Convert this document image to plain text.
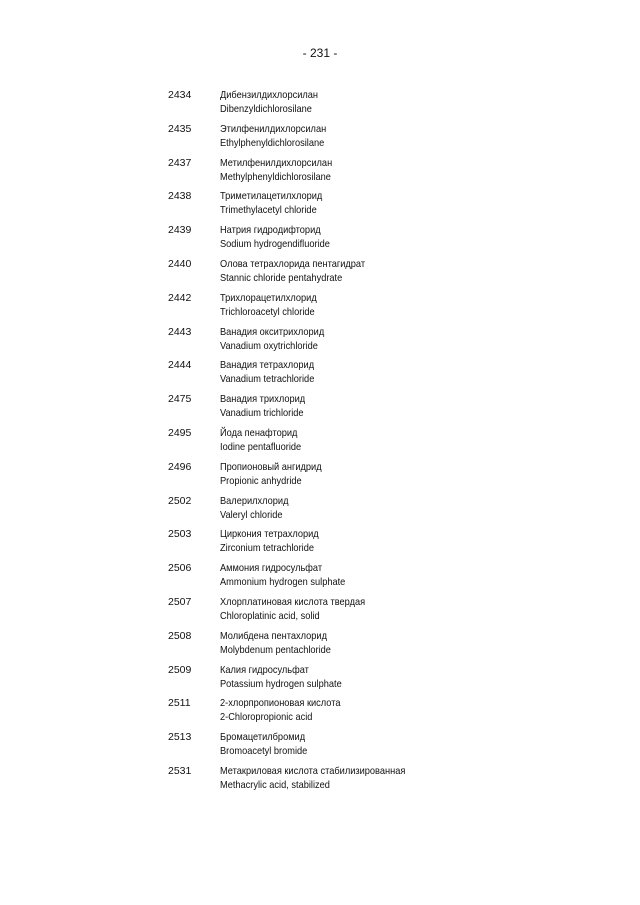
- 231 -
2434	Дибензилдихлорсилан
Dibenzyldichlorosilane
2435	Этилфенилдихлорсилан
Ethylphenyldichlorosilane
2437	Метилфенилдихлорсилан
Methylphenyldichlorosilane
2438	Триметилацетилхлорид
Trimethylacetyl chloride
2439	Натрия гидродифторид
Sodium hydrogendifluoride
2440	Олова тетрахлорида пентагидрат
Stannic chloride pentahydrate
2442	Трихлорацетилхлорид
Trichloroacetyl chloride
2443	Ванадия окситрихлорид
Vanadium oxytrichloride
2444	Ванадия тетрахлорид
Vanadium tetrachloride
2475	Ванадия трихлорид
Vanadium trichloride
2495	Йода пенафторид
Iodine pentafluoride
2496	Пропионовый ангидрид
Propionic anhydride
2502	Валерилхлорид
Valeryl chloride
2503	Циркония тетрахлорид
Zirconium tetrachloride
2506	Аммония гидросульфат
Ammonium hydrogen sulphate
2507	Хлорплатиновая кислота твердая
Chloroplatinic acid, solid
2508	Молибдена пентахлорид
Molybdenum pentachloride
2509	Калия гидросульфат
Potassium hydrogen sulphate
2511	2-хлорпропионовая кислота
2-Chloropropionic acid
2513	Бромацетилбромид
Bromoacetyl bromide
2531	Метакриловая кислота стабилизированная
Methacrylic acid, stabilized
